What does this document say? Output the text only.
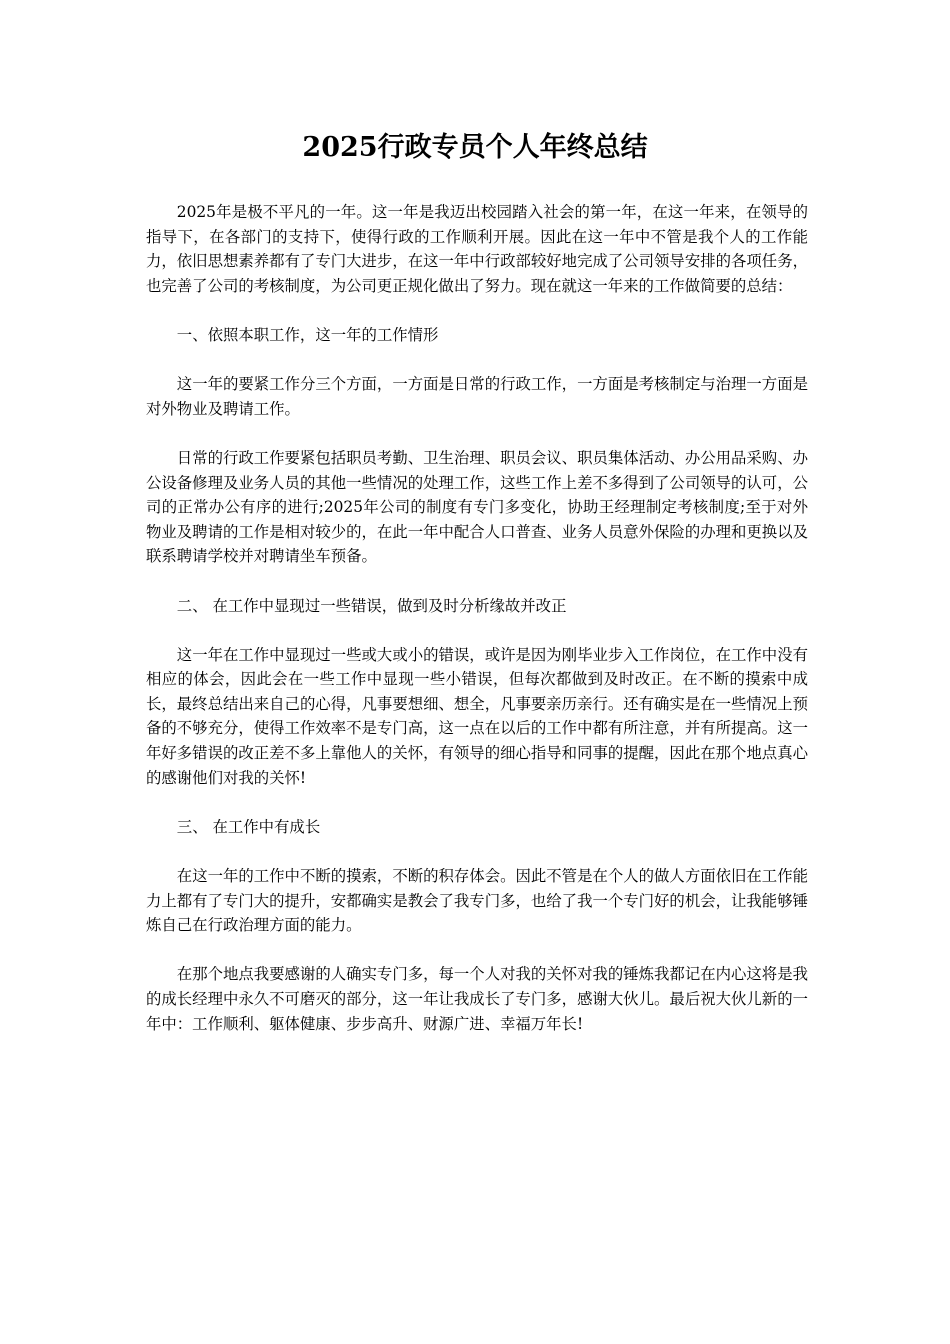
2025行政专员个人年终总结

2025年是极不平凡的一年。这一年是我迈出校园踏入社会的第一年，在这一年来，在领导的指导下，在各部门的支持下，使得行政的工作顺利开展。因此在这一年中不管是我个人的工作能力，依旧思想素养都有了专门大进步，在这一年中行政部较好地完成了公司领导安排的各项任务，也完善了公司的考核制度，为公司更正规化做出了努力。现在就这一年来的工作做简要的总结：

一、依照本职工作，这一年的工作情形

这一年的要紧工作分三个方面，一方面是日常的行政工作，一方面是考核制定与治理一方面是对外物业及聘请工作。

日常的行政工作要紧包括职员考勤、卫生治理、职员会议、职员集体活动、办公用品采购、办公设备修理及业务人员的其他一些情况的处理工作，这些工作上差不多得到了公司领导的认可，公司的正常办公有序的进行;2025年公司的制度有专门多变化，协助王经理制定考核制度;至于对外物业及聘请的工作是相对较少的，在此一年中配合人口普查、业务人员意外保险的办理和更换以及联系聘请学校并对聘请坐车预备。

二、 在工作中显现过一些错误，做到及时分析缘故并改正

这一年在工作中显现过一些或大或小的错误，或许是因为刚毕业步入工作岗位，在工作中没有相应的体会，因此会在一些工作中显现一些小错误，但每次都做到及时改正。在不断的摸索中成长，最终总结出来自己的心得，凡事要想细、想全，凡事要亲历亲行。还有确实是在一些情况上预备的不够充分，使得工作效率不是专门高，这一点在以后的工作中都有所注意，并有所提高。这一年好多错误的改正差不多上靠他人的关怀，有领导的细心指导和同事的提醒，因此在那个地点真心的感谢他们对我的关怀!

三、 在工作中有成长

在这一年的工作中不断的摸索，不断的积存体会。因此不管是在个人的做人方面依旧在工作能力上都有了专门大的提升，安都确实是教会了我专门多，也给了我一个专门好的机会，让我能够锤炼自己在行政治理方面的能力。

在那个地点我要感谢的人确实专门多，每一个人对我的关怀对我的锤炼我都记在内心这将是我的成长经理中永久不可磨灭的部分，这一年让我成长了专门多，感谢大伙儿。最后祝大伙儿新的一年中：工作顺利、躯体健康、步步高升、财源广进、幸福万年长!
